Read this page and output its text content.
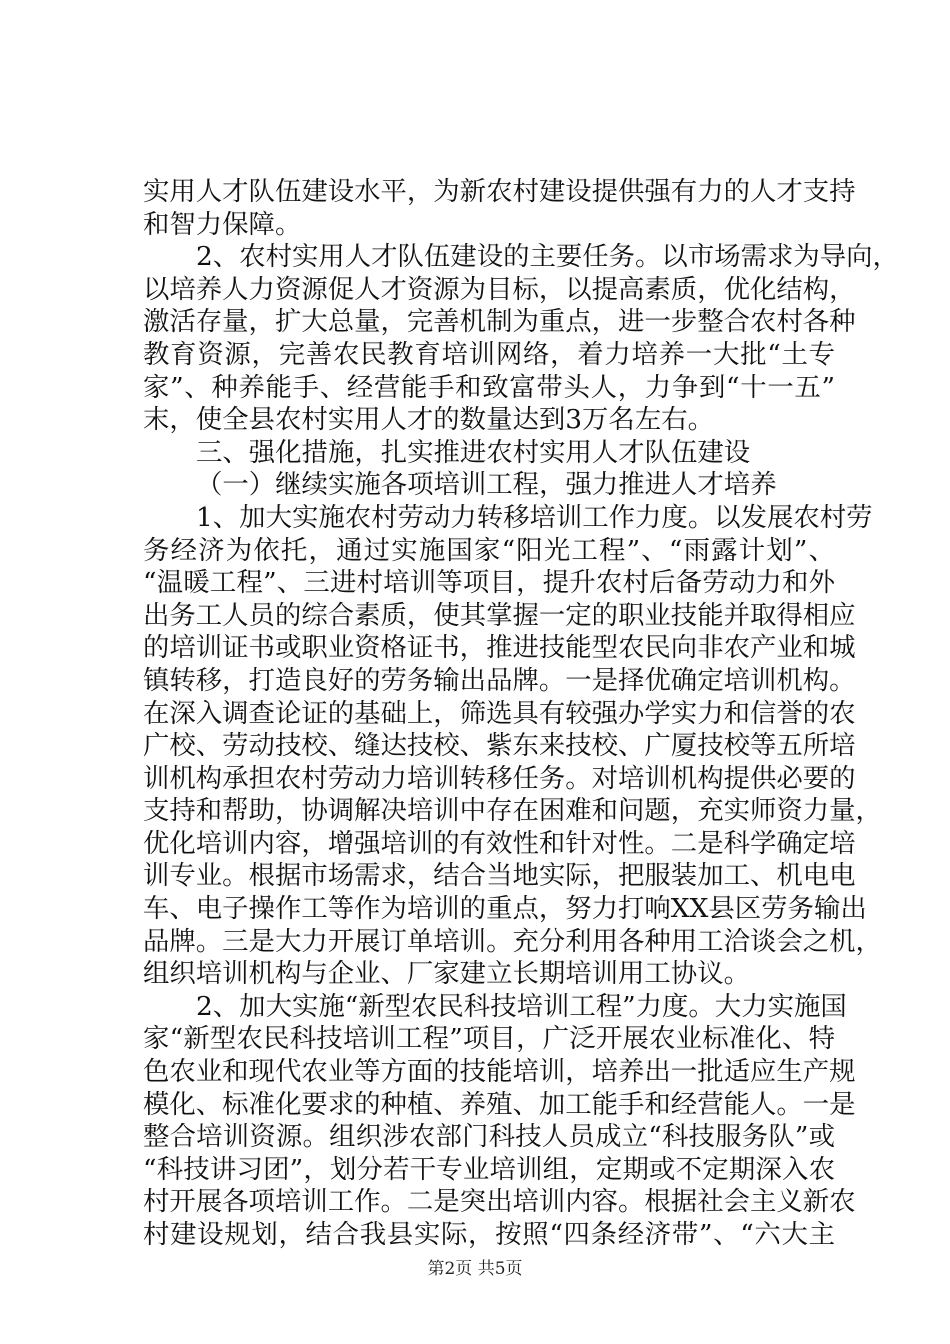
实用人才队伍建设水平，为新农村建设提供强有力的人才支持
和智力保障。
2、农村实用人才队伍建设的主要任务。以市场需求为导向，
以培养人力资源促人才资源为目标，以提高素质，优化结构，
激活存量，扩大总量，完善机制为重点，进一步整合农村各种
教育资源，完善农民教育培训网络，着力培养一大批“土专
家”、种养能手、经营能手和致富带头人，力争到“十一五”
末，使全县农村实用人才的数量达到3万名左右。
三、强化措施，扎实推进农村实用人才队伍建设
（一）继续实施各项培训工程，强力推进人才培养
1、加大实施农村劳动力转移培训工作力度。以发展农村劳
务经济为依托，通过实施国家“阳光工程”、“雨露计划”、
“温暖工程”、三进村培训等项目，提升农村后备劳动力和外
出务工人员的综合素质，使其掌握一定的职业技能并取得相应
的培训证书或职业资格证书，推进技能型农民向非农产业和城
镇转移，打造良好的劳务输出品牌。一是择优确定培训机构。
在深入调查论证的基础上，筛选具有较强办学实力和信誉的农
广校、劳动技校、缝达技校、紫东来技校、广厦技校等五所培
训机构承担农村劳动力培训转移任务。对培训机构提供必要的
支持和帮助，协调解决培训中存在困难和问题，充实师资力量，
优化培训内容，增强培训的有效性和针对性。二是科学确定培
训专业。根据市场需求，结合当地实际，把服装加工、机电电
车、电子操作工等作为培训的重点，努力打响XX县区劳务输出
品牌。三是大力开展订单培训。充分利用各种用工洽谈会之机，
组织培训机构与企业、厂家建立长期培训用工协议。
2、加大实施“新型农民科技培训工程”力度。大力实施国
家“新型农民科技培训工程”项目，广泛开展农业标准化、特
色农业和现代农业等方面的技能培训，培养出一批适应生产规
模化、标准化要求的种植、养殖、加工能手和经营能人。一是
整合培训资源。组织涉农部门科技人员成立“科技服务队”或
“科技讲习团”，划分若干专业培训组，定期或不定期深入农
村开展各项培训工作。二是突出培训内容。根据社会主义新农
村建设规划，结合我县实际，按照“四条经济带”、“六大主
第2页 共5页
